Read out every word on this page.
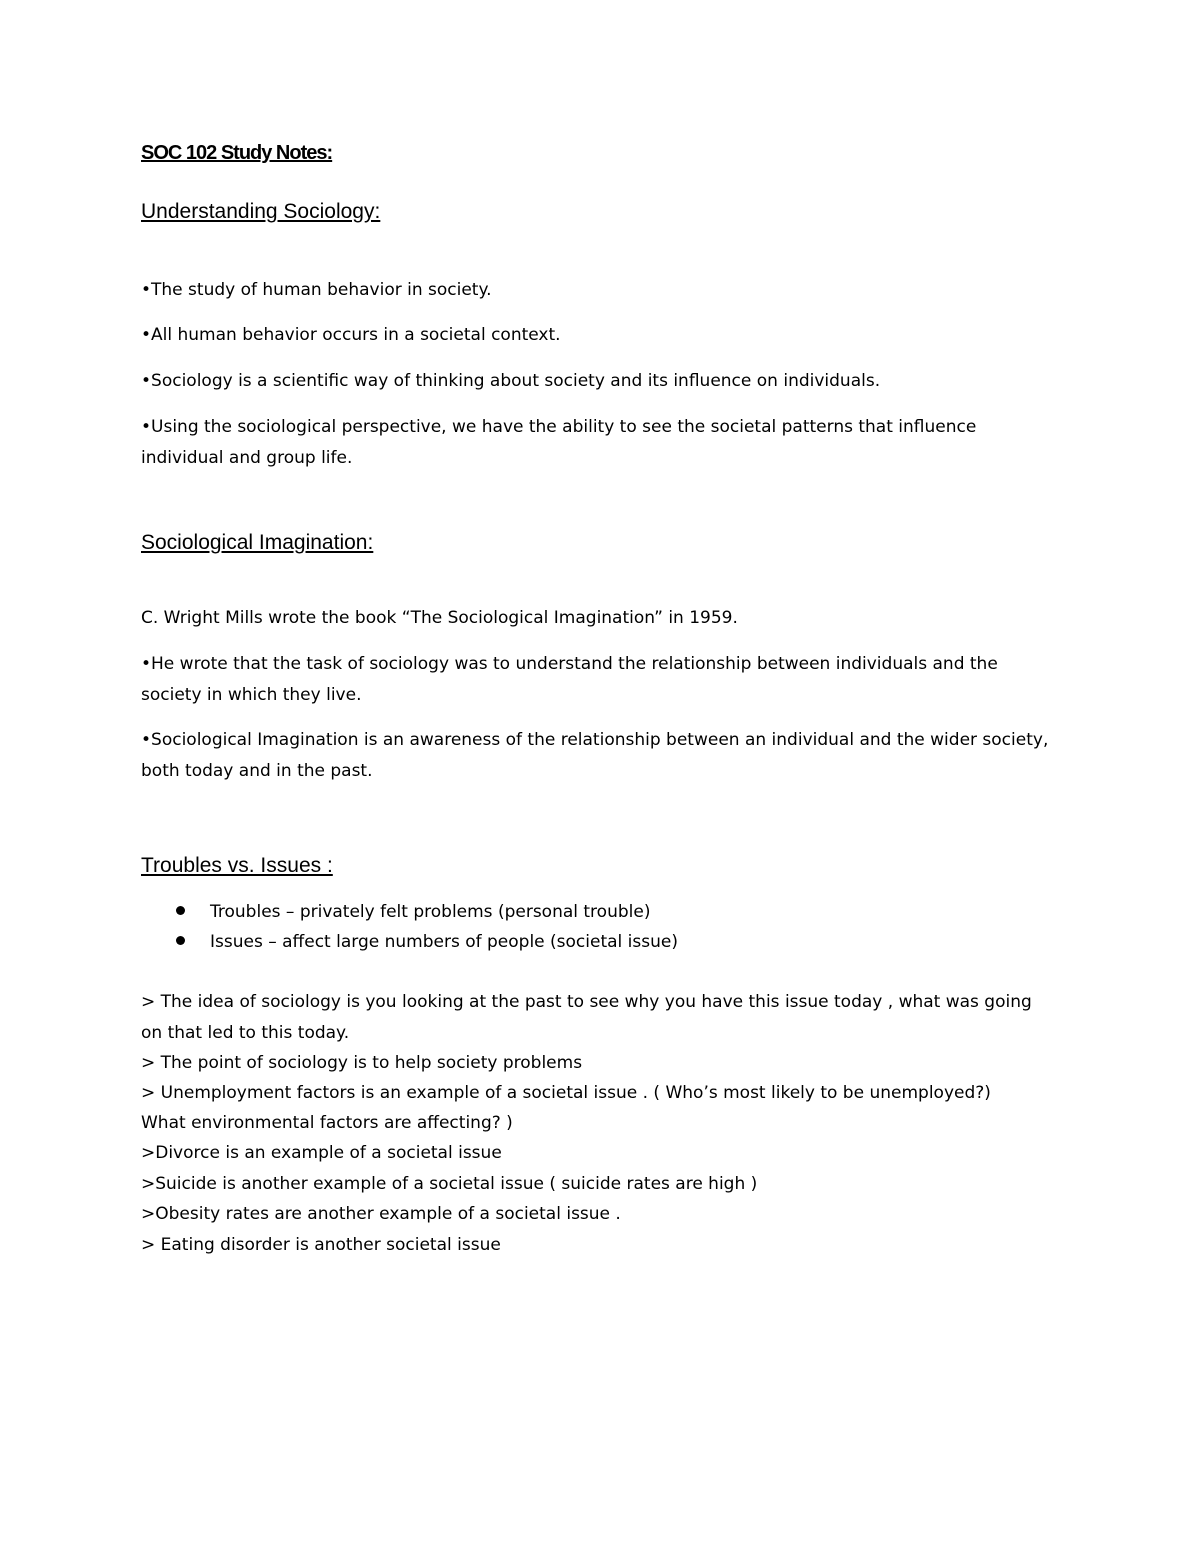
SOC 102 Study Notes:
Understanding Sociology:
•The study of human behavior in society.
•All human behavior occurs in a societal context.
•Sociology is a scientific way of thinking about society and its influence on individuals.
•Using the sociological perspective, we have the ability to see the societal patterns that influence individual and group life.
Sociological Imagination:
C. Wright Mills wrote the book “The Sociological Imagination” in 1959.
•He wrote that the task of sociology was to understand the relationship between individuals and the society in which they live.
•Sociological Imagination is an awareness of the relationship between an individual and the wider society, both today and in the past.
Troubles vs. Issues :
Troubles – privately felt problems (personal trouble)
Issues – affect large numbers of people (societal issue)
> The idea of sociology is you looking at the past to see why you have this issue today , what was going
on that led to this today.
> The point of sociology is to help society problems
> Unemployment factors is an example of a societal issue . ( Who’s most likely to be unemployed?)
What environmental factors are affecting? )
>Divorce is an example of a societal issue
>Suicide is another example of a societal issue ( suicide rates are high )
>Obesity rates are another example of a societal issue .
> Eating disorder is another societal issue
